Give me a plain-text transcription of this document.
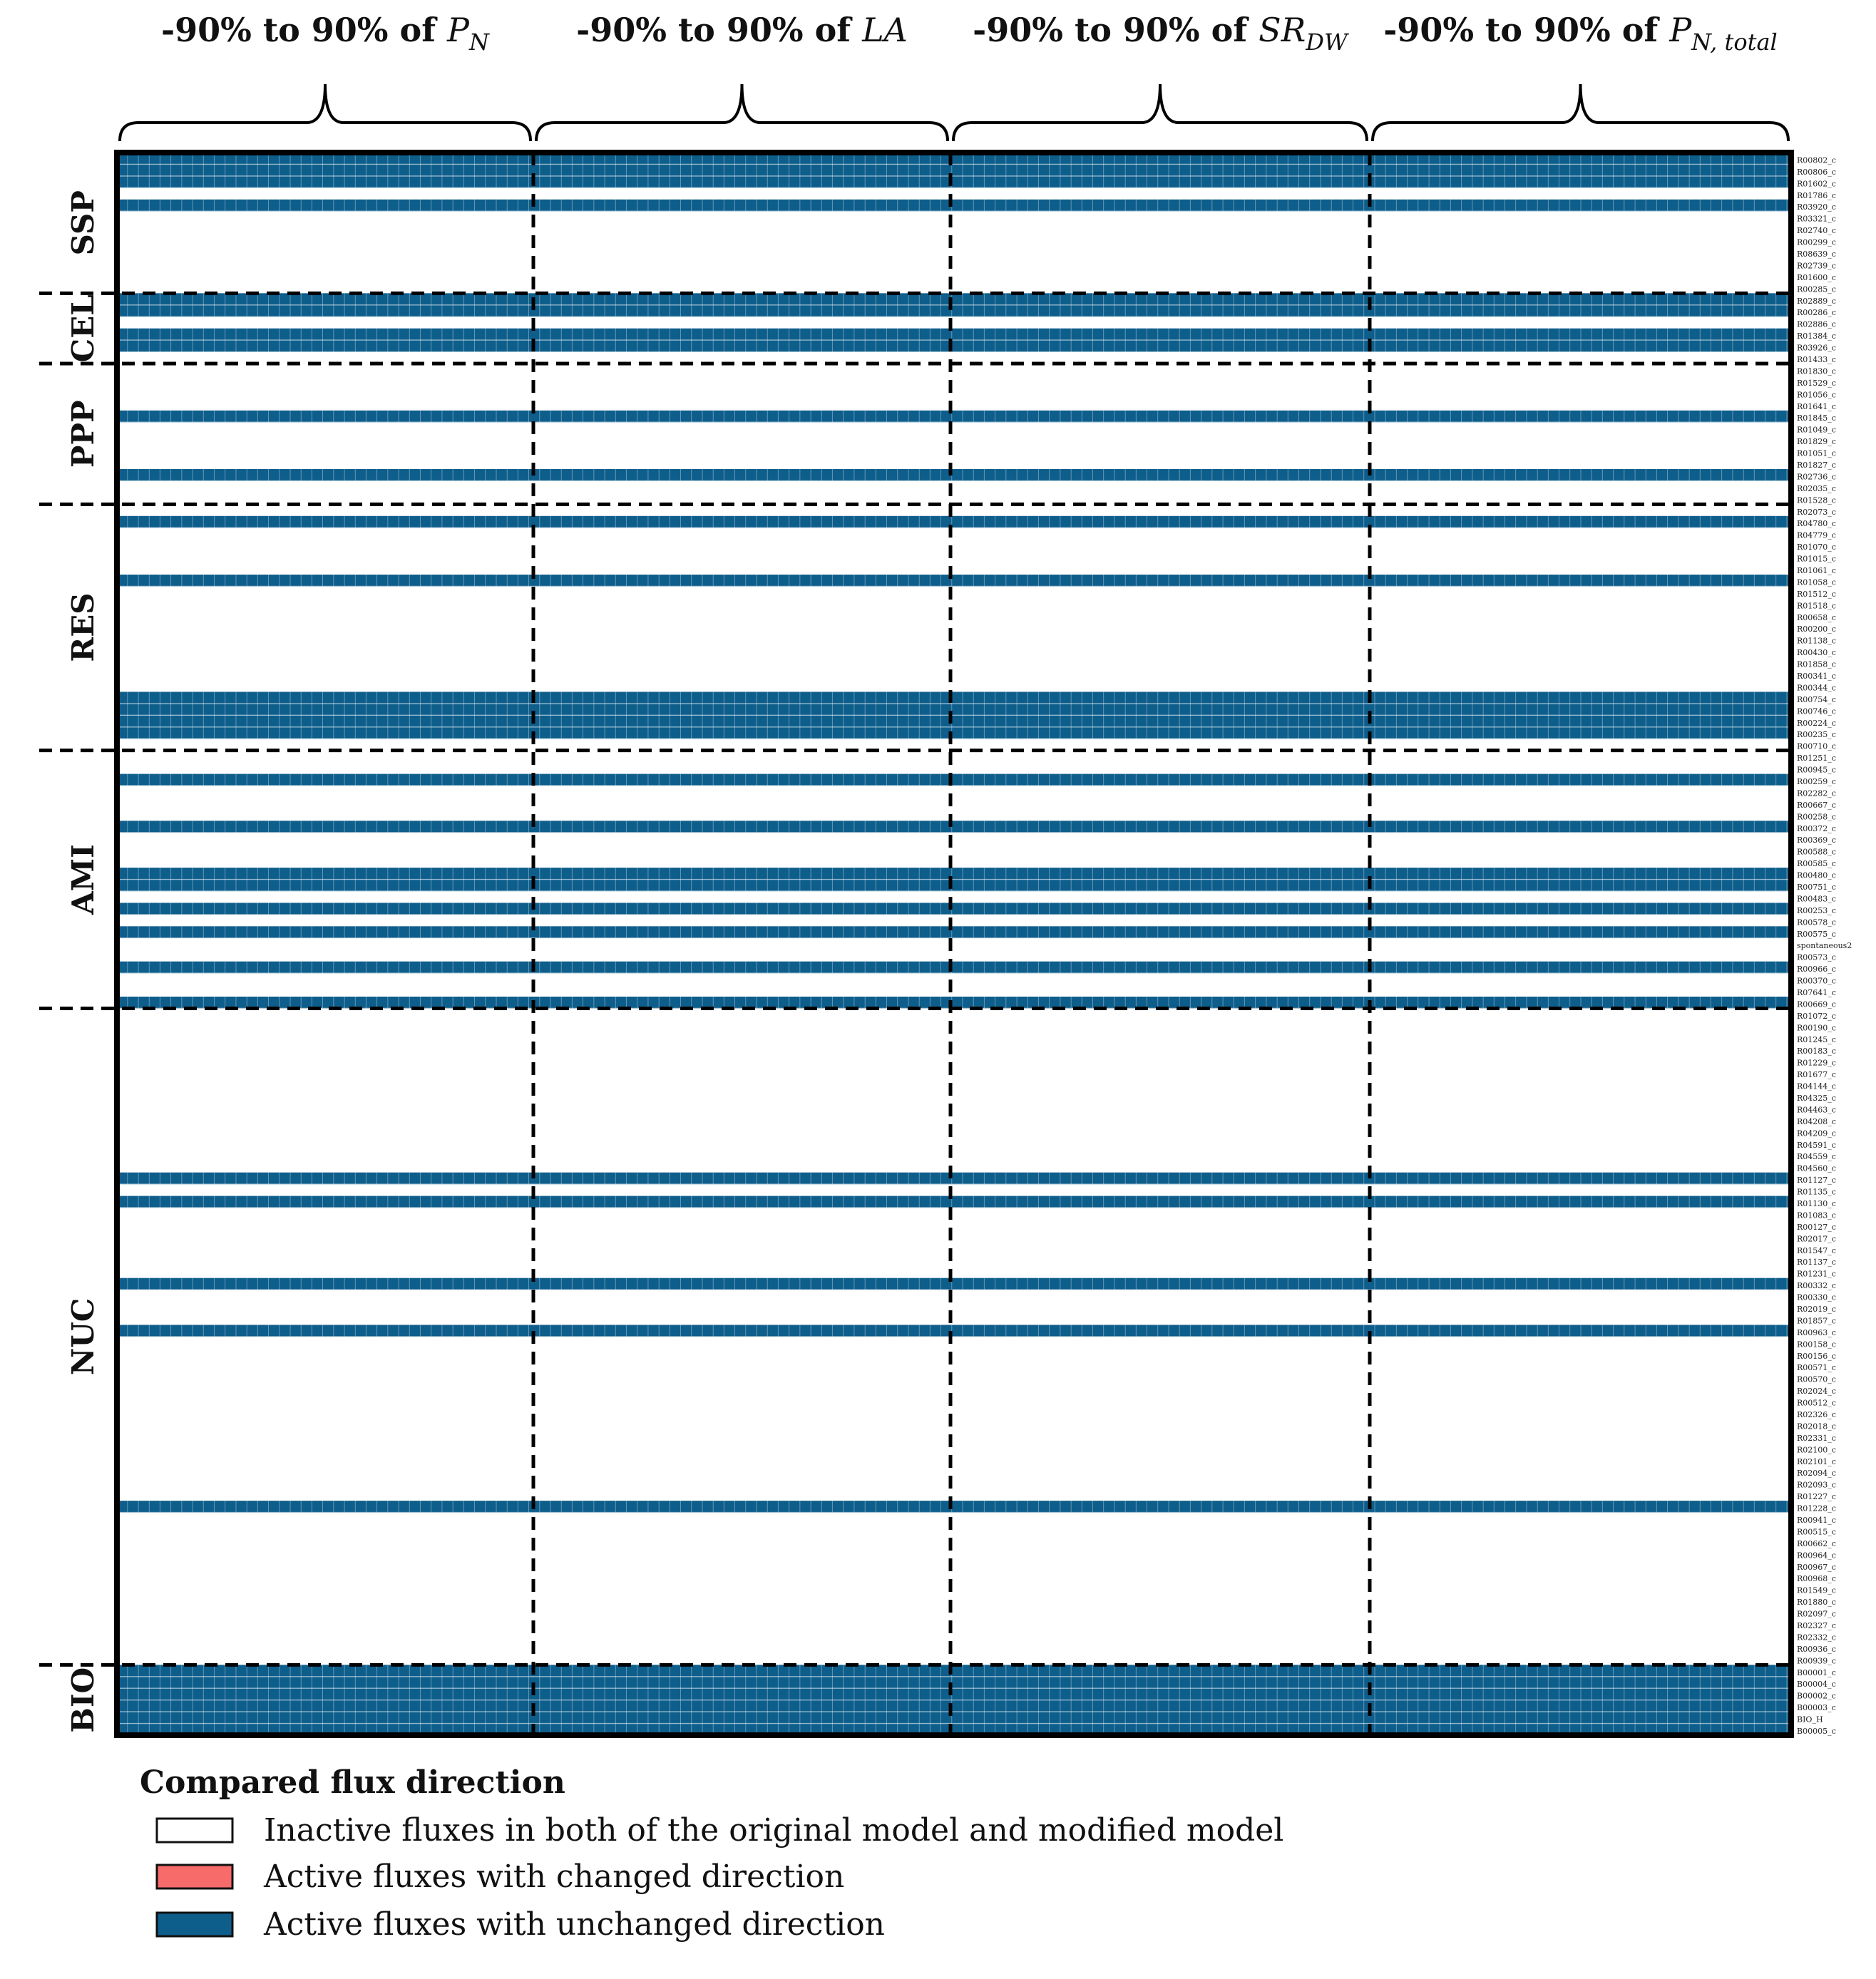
-90% to 90% of $P_N$	-90% to 90% of LA -90% to 90% of $SR_{DW}$ -90% to 90% of $P_{N, total}$
R00802_c
R00806_c
R01602_c
R01786_c
R03920_c
R03321_c
R02740_c
R00299_c
R08639_c
R02739_c
R01600_c
R00285_c
R02889_c
R00286_c
R02886_c
R01384_c
R03926_c
R01433_c
R01830_c
R01529_c
R01056_c
R01641_c
R01845_c
R01049_c
R01829_c
R01051_c
R01827_c
R02736_c
R02035_c
R01528_c
R02073_c
R04780_c
R04779_c
R01070_c
R01015_c
R01061_c
R01058_c
R01512_c
R01518_c
R00658_c
R00200_c
R01138_c
R00430_c
R01858_c
R00341_c
R00344_c
R00754_c
R00746_c
R00224_c
R00235_c
R00710_c
R01251_c
R00945_c
R00259_c
R02282_c
R00667_c
R00258_c
R00372_c
R00369_c
R00588_c
R00585_c
R00480_c
R00751_c
R00483_c
R00253_c
R00578_c
R00575_c
spontaneous2
R00573_c
R00966_c
R00370_c
R07641_c
R00669_c
R01072_c
R00190_c
R01245_c
R00183_c
R01229_c
R01677_c
R04144_c
R04325_c
R04463_c
R04208_c
R04209_c
R04591_c
R04559_c
R04560_c
R01127_c
R01135_c
R01130_c
R01083_c
R00127_c
R02017_c
R01547_c
R01137_c
R01231_c
R00332_c
R00330_c
R02019_c
R01857_c
R00963_c
R00158_c
R00156_c
R00571_c
R00570_c
R02024_c
R00512_c
R02326_c
R02018_c
R02331_c
R02100_c
R02101_c
R02094_c
R02093_c
R01227_c
R01228_c
R00941_c
R00515_c
R00662_c
R00964_c
R00967_c
R00968_c
R01549_c
R01880_c
R02097_c
R02327_c
R02332_c
R00936_c
R00939_c
B00001_c
B00004_c
B00002_c
B00003_c
BIO_H
B00005_c
SSP
CEL
PPP
RES
AMI
NUC
BIO
Compared flux direction
Inactive fluxes in both of the original model and modified model
Active fluxes with changed direction
Active fluxes with unchanged direction
